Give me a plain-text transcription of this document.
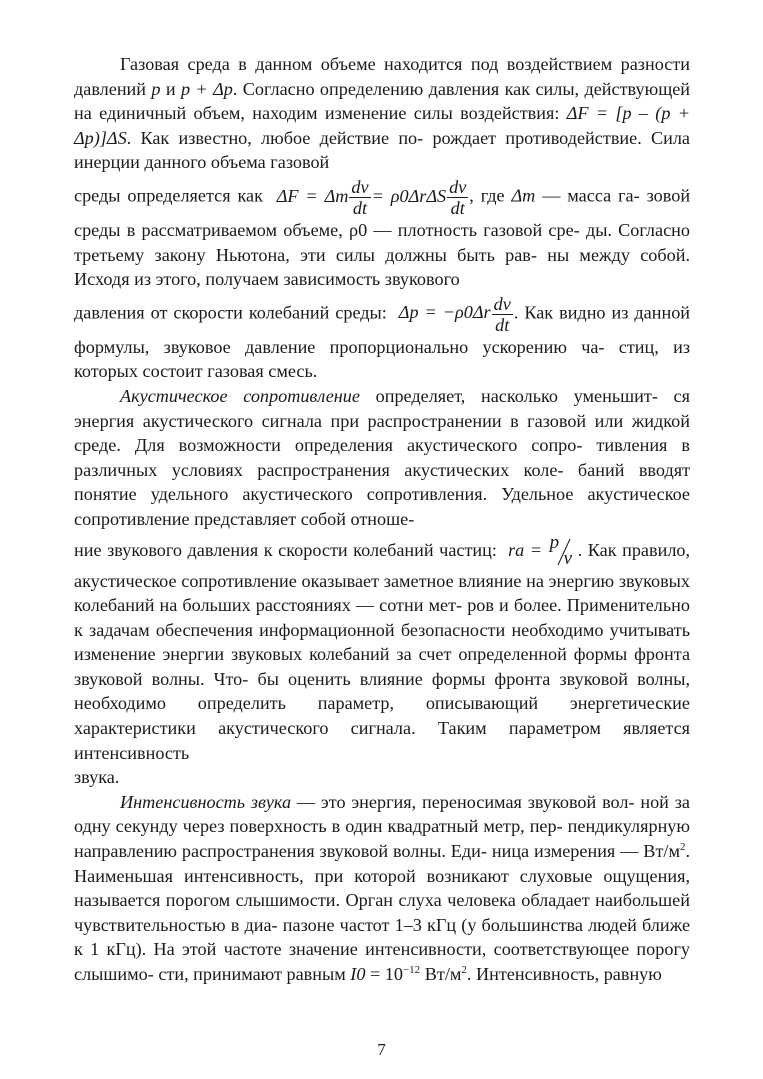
Газовая среда в данном объеме находится под воздействием разности давлений p и p + Δp. Согласно определению давления как силы, действующей на единичный объем, находим изменение силы воздействия: ΔF = [p – (p + Δp)]ΔS. Как известно, любое действие по- рождает противодействие. Сила инерции данного объема газовой

среды определяется как ΔF = Δm $\frac{dv}{dt} = \rho 0\Delta r\Delta S \frac{dv}{dt}$ , где Δm — масса га- зовой среды в рассматриваемом объеме, ρ0 — плотность газовой сре- ды. Согласно третьему закону Ньютона, эти силы должны быть рав- ны между собой. Исходя из этого, получаем зависимость звукового

давления от скорости колебаний среды: $\Delta p = -\rho 0\Delta r \frac{dv}{dt}$ . Как видно из данной формулы, звуковое давление пропорционально ускорению ча- стиц, из которых состоит газовая смесь.

Акустическое сопротивление определяет, насколько уменьшит- ся энергия акустического сигнала при распространении в газовой или жидкой среде. Для возможности определения акустического сопро- тивления в различных условиях распространения акустических коле- баний вводят понятие удельного акустического сопротивления. Удельное акустическое сопротивление представляет собой отноше-

ние звукового давления к скорости колебаний частиц: ra = p
v . Как правило, акустическое сопротивление оказывает заметное влияние на энергию звуковых колебаний на больших расстояниях — сотни мет- ров и более. Применительно к задачам обеспечения информационной безопасности необходимо учитывать изменение энергии звуковых колебаний за счет определенной формы фронта звуковой волны. Что- бы оценить влияние формы фронта звуковой волны, необходимо определить параметр, описывающий энергетические характеристики акустического сигнала. Таким параметром является интенсивность

звука.

Интенсивность звука — это энергия, переносимая звуковой вол- ной за одну секунду через поверхность в один квадратный метр, пер- пендикулярную направлению распространения звуковой волны. Еди- ница измерения — $Вт/м^2$. Наименьшая интенсивность, при которой возникают слуховые ощущения, называется порогом слышимости. Орган слуха человека обладает наибольшей чувствительностью в диа- пазоне частот 1–3 кГц (у большинства людей ближе к 1 кГц). На этой частоте значение интенсивности, соответствующее порогу слышимо- сти, принимают равным $I0 = 10^{-12}$ $Вт/м^2$. Интенсивность, равную

7
